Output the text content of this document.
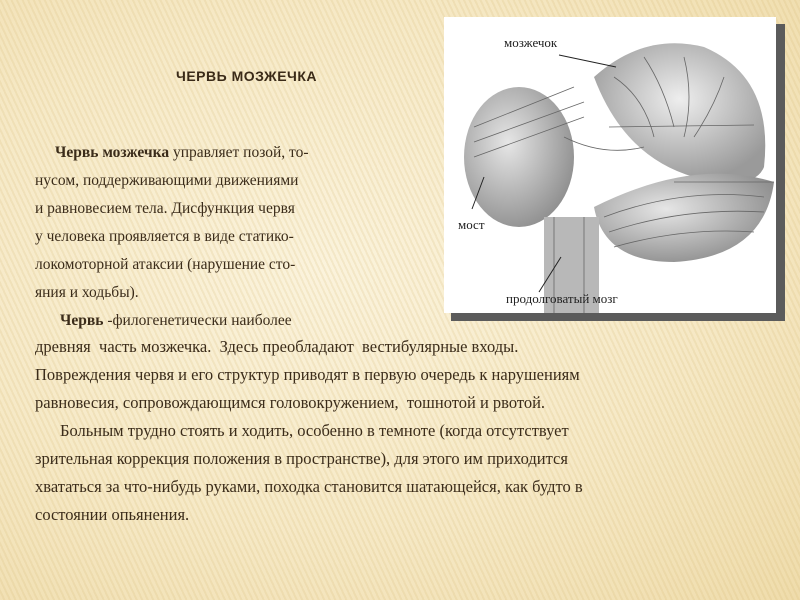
ЧЕРВЬ МОЗЖЕЧКА
Червь мозжечка управляет позой, то-
нусом, поддерживающими движениями
и равновесием тела. Дисфункция червя
у человека проявляется в виде статико-
локомоторной атаксии (нарушение сто-
яния и ходьбы).
Червь -филогенетически наиболее
древняя  часть мозжечка.  Здесь преобладают  вестибулярные входы.
Повреждения червя и его структур приводят в первую очередь к нарушениям
равновесия, сопровождающимся головокружением,  тошнотой и рвотой.
Больным трудно стоять и ходить, особенно в темноте (когда отсутствует
зрительная коррекция положения в пространстве), для этого им приходится
хвататься за что-нибудь руками, походка становится шатающейся, как будто в
состоянии опьянения.
мозжечок
мост
продолговатый мозг
